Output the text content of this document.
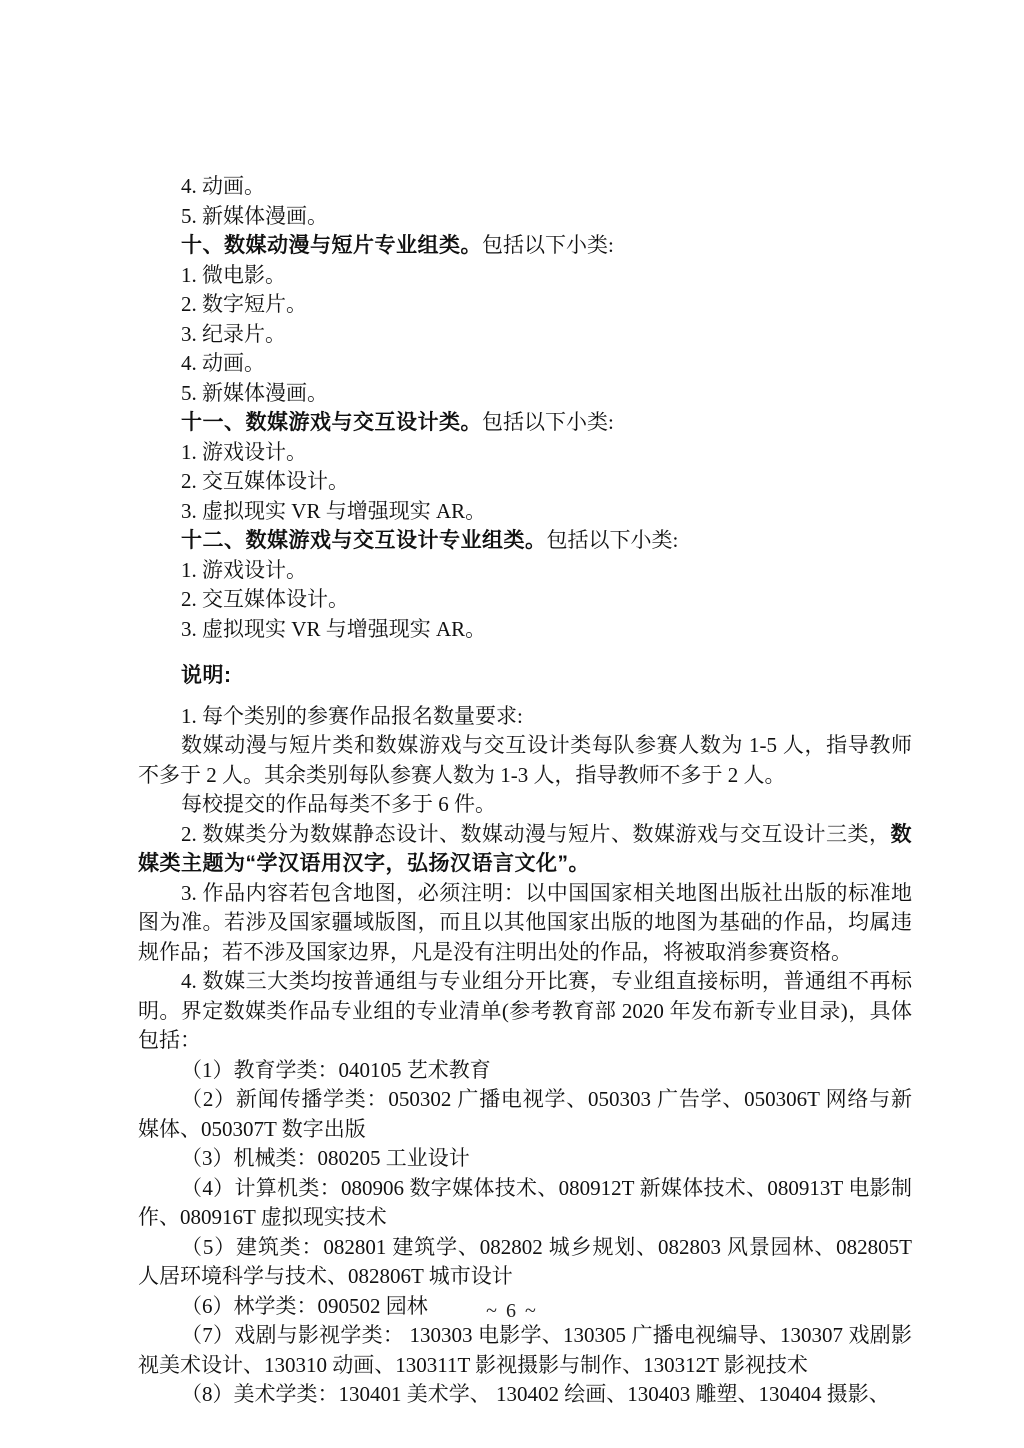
4. 动画。

5. 新媒体漫画。

十、数媒动漫与短片专业组类。包括以下小类:

1. 微电影。

2. 数字短片。

3. 纪录片。

4. 动画。

5. 新媒体漫画。

十一、数媒游戏与交互设计类。包括以下小类:

1. 游戏设计。

2. 交互媒体设计。

3. 虚拟现实 VR 与增强现实 AR。

十二、数媒游戏与交互设计专业组类。包括以下小类:

1. 游戏设计。

2. 交互媒体设计。

3. 虚拟现实 VR 与增强现实 AR。

说明:

1. 每个类别的参赛作品报名数量要求:

数媒动漫与短片类和数媒游戏与交互设计类每队参赛人数为 1-5 人，指导教师不多于 2 人。其余类别每队参赛人数为 1-3 人，指导教师不多于 2 人。

每校提交的作品每类不多于 6 件。

2. 数媒类分为数媒静态设计、数媒动漫与短片、数媒游戏与交互设计三类，数媒类主题为“学汉语用汉字，弘扬汉语言文化”。

3. 作品内容若包含地图，必须注明：以中国国家相关地图出版社出版的标准地图为准。若涉及国家疆域版图，而且以其他国家出版的地图为基础的作品，均属违规作品；若不涉及国家边界，凡是没有注明出处的作品，将被取消参赛资格。

4. 数媒三大类均按普通组与专业组分开比赛，专业组直接标明，普通组不再标明。界定数媒类作品专业组的专业清单(参考教育部 2020 年发布新专业目录)，具体包括：

（1）教育学类：040105 艺术教育

（2）新闻传播学类：050302 广播电视学、050303 广告学、050306T 网络与新媒体、050307T 数字出版

（3）机械类：080205 工业设计

（4）计算机类：080906 数字媒体技术、080912T 新媒体技术、080913T 电影制作、080916T 虚拟现实技术

（5）建筑类：082801 建筑学、082802 城乡规划、082803 风景园林、082805T 人居环境科学与技术、082806T 城市设计

（6）林学类：090502 园林

（7）戏剧与影视学类： 130303 电影学、130305 广播电视编导、130307 戏剧影视美术设计、130310 动画、130311T 影视摄影与制作、130312T 影视技术

（8）美术学类：130401 美术学、 130402 绘画、130403 雕塑、130404 摄影、

~ 6 ~
